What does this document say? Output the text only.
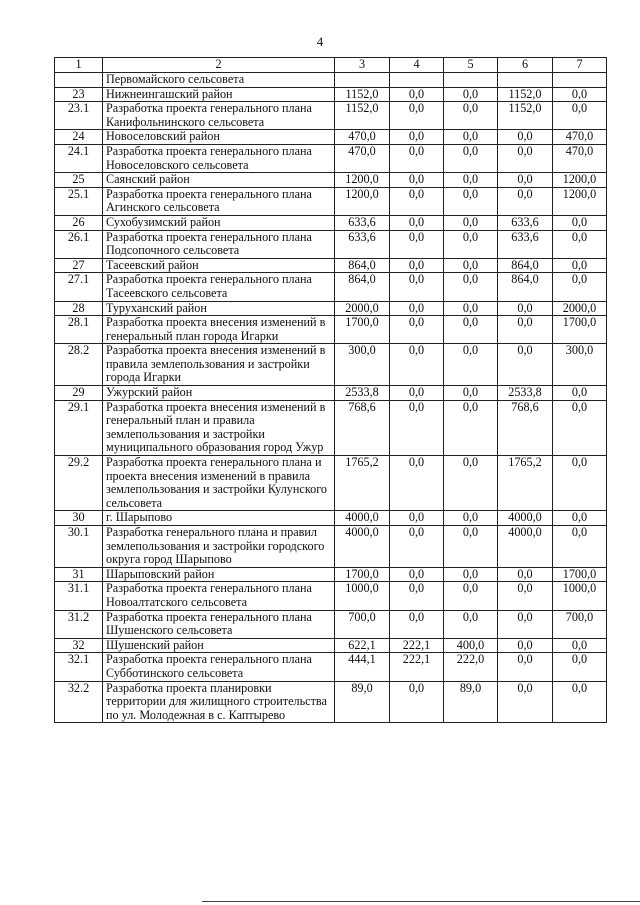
4
1	2	3	4	5	6	7
	Первомайского сельсовета					
23	Нижнеингашский район	1152,0	0,0	0,0	1152,0	0,0
23.1	Разработка проекта генерального плана Канифольнинского сельсовета	1152,0	0,0	0,0	1152,0	0,0
24	Новоселовский район	470,0	0,0	0,0	0,0	470,0
24.1	Разработка проекта генерального плана Новоселовского сельсовета	470,0	0,0	0,0	0,0	470,0
25	Саянский район	1200,0	0,0	0,0	0,0	1200,0
25.1	Разработка проекта генерального плана Агинского сельсовета	1200,0	0,0	0,0	0,0	1200,0
26	Сухобузимский район	633,6	0,0	0,0	633,6	0,0
26.1	Разработка проекта генерального плана Подсопочного сельсовета	633,6	0,0	0,0	633,6	0,0
27	Тасеевский район	864,0	0,0	0,0	864,0	0,0
27.1	Разработка проекта генерального плана Тасеевского сельсовета	864,0	0,0	0,0	864,0	0,0
28	Туруханский район	2000,0	0,0	0,0	0,0	2000,0
28.1	Разработка проекта внесения изменений в генеральный план города Игарки	1700,0	0,0	0,0	0,0	1700,0
28.2	Разработка проекта внесения изменений в правила землепользования и застройки города Игарки	300,0	0,0	0,0	0,0	300,0
29	Ужурский район	2533,8	0,0	0,0	2533,8	0,0
29.1	Разработка проекта внесения изменений в генеральный план и правила землепользования и застройки муниципального образования город Ужур	768,6	0,0	0,0	768,6	0,0
29.2	Разработка проекта генерального плана и проекта внесения изменений в правила землепользования и застройки Кулунского сельсовета	1765,2	0,0	0,0	1765,2	0,0
30	г. Шарыпово	4000,0	0,0	0,0	4000,0	0,0
30.1	Разработка генерального плана и правил землепользования и застройки городского округа город Шарыпово	4000,0	0,0	0,0	4000,0	0,0
31	Шарыповский район	1700,0	0,0	0,0	0,0	1700,0
31.1	Разработка проекта генерального плана Новоалтатского сельсовета	1000,0	0,0	0,0	0,0	1000,0
31.2	Разработка проекта генерального плана Шушенского сельсовета	700,0	0,0	0,0	0,0	700,0
32	Шушенский район	622,1	222,1	400,0	0,0	0,0
32.1	Разработка проекта генерального плана Субботинского сельсовета	444,1	222,1	222,0	0,0	0,0
32.2	Разработка проекта планировки территории для жилищного строительства по ул. Молодежная в с. Каптырево	89,0	0,0	89,0	0,0	0,0
